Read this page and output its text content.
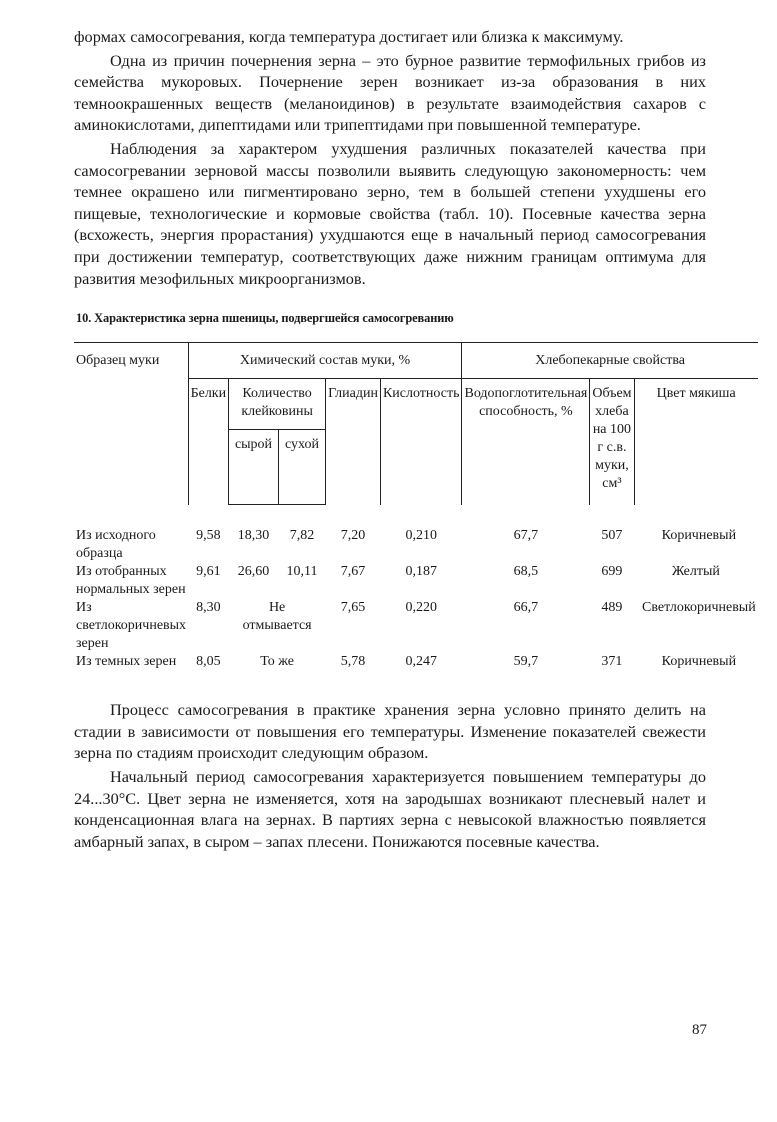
формах самосогревания, когда температура достигает или близка к максимуму.

Одна из причин почернения зерна – это бурное развитие термофильных грибов из семейства мукоровых. Почернение зерен возникает из-за образования в них темноокрашенных веществ (меланоидинов) в результате взаимодействия сахаров с аминокислотами, дипептидами или трипептидами при повышенной температуре.

Наблюдения за характером ухудшения различных показателей качества при самосогревании зерновой массы позволили выявить следующую закономерность: чем темнее окрашено или пигментировано зерно, тем в большей степени ухудшены его пищевые, технологические и кормовые свойства (табл. 10). Посевные качества зерна (всхожесть, энергия прорастания) ухудшаются еще в начальный период самосогревания при достижении температур, соответствующих даже нижним границам оптимума для развития мезофильных микроорганизмов.

10. Характеристика зерна пшеницы, подвергшейся самосогреванию
Образец муки	Химический состав муки, %					Хлебопекарные свойства		
	Белки	Количество клейковины		Глиадин	Кислотность	Водопоглотительная способность, %	Объем хлеба на 100 г с.в. муки, см³	Цвет мякиша
		сырой	сухой					

Из исходного образца	9,58	18,30	7,82	7,20	0,210	67,7	507	Коричневый
Из отобранных нормальных зерен	9,61	26,60	10,11	7,67	0,187	68,5	699	Желтый
Из светлокоричневых зерен	8,30	Не отмывается		7,65	0,220	66,7	489	Светлокоричневый
Из темных зерен	8,05	То же		5,78	0,247	59,7	371	Коричневый

Процесс самосогревания в практике хранения зерна условно принято делить на стадии в зависимости от повышения его температуры. Изменение показателей свежести зерна по стадиям происходит следующим образом.

Начальный период самосогревания характеризуется повышением температуры до 24...30°С. Цвет зерна не изменяется, хотя на зародышах возникают плесневый налет и конденсационная влага на зернах. В партиях зерна с невысокой влажностью появляется амбарный запах, в сыром – запах плесени. Понижаются посевные качества.

87
